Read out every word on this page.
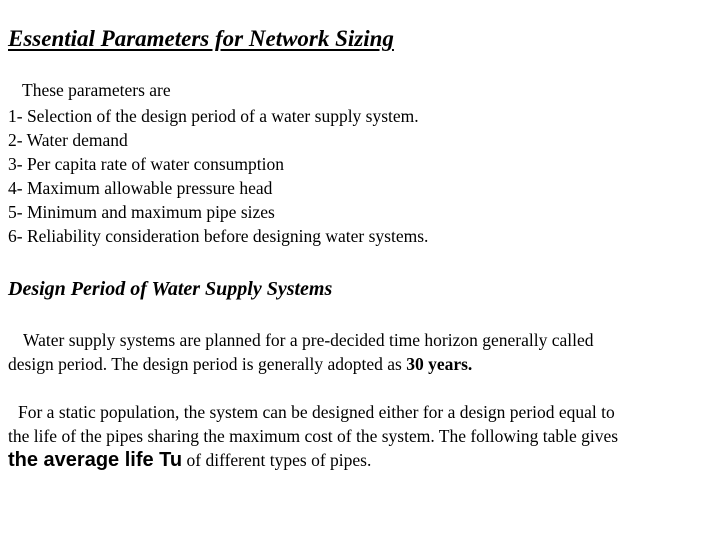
Essential Parameters for Network Sizing
These parameters are
1- Selection of the design period of a water supply system.
2- Water demand
3- Per capita rate of water consumption
4- Maximum allowable pressure head
5- Minimum and maximum pipe sizes
6- Reliability consideration before designing water systems.
Design Period of Water Supply Systems
Water supply systems are planned for a pre-decided time horizon generally called
design period. The design period is generally adopted as 30 years.
For a static population, the system can be designed either for a design period equal to
the life of the pipes sharing the maximum cost of the system. The following table gives
the average life Tu of different types of pipes.
